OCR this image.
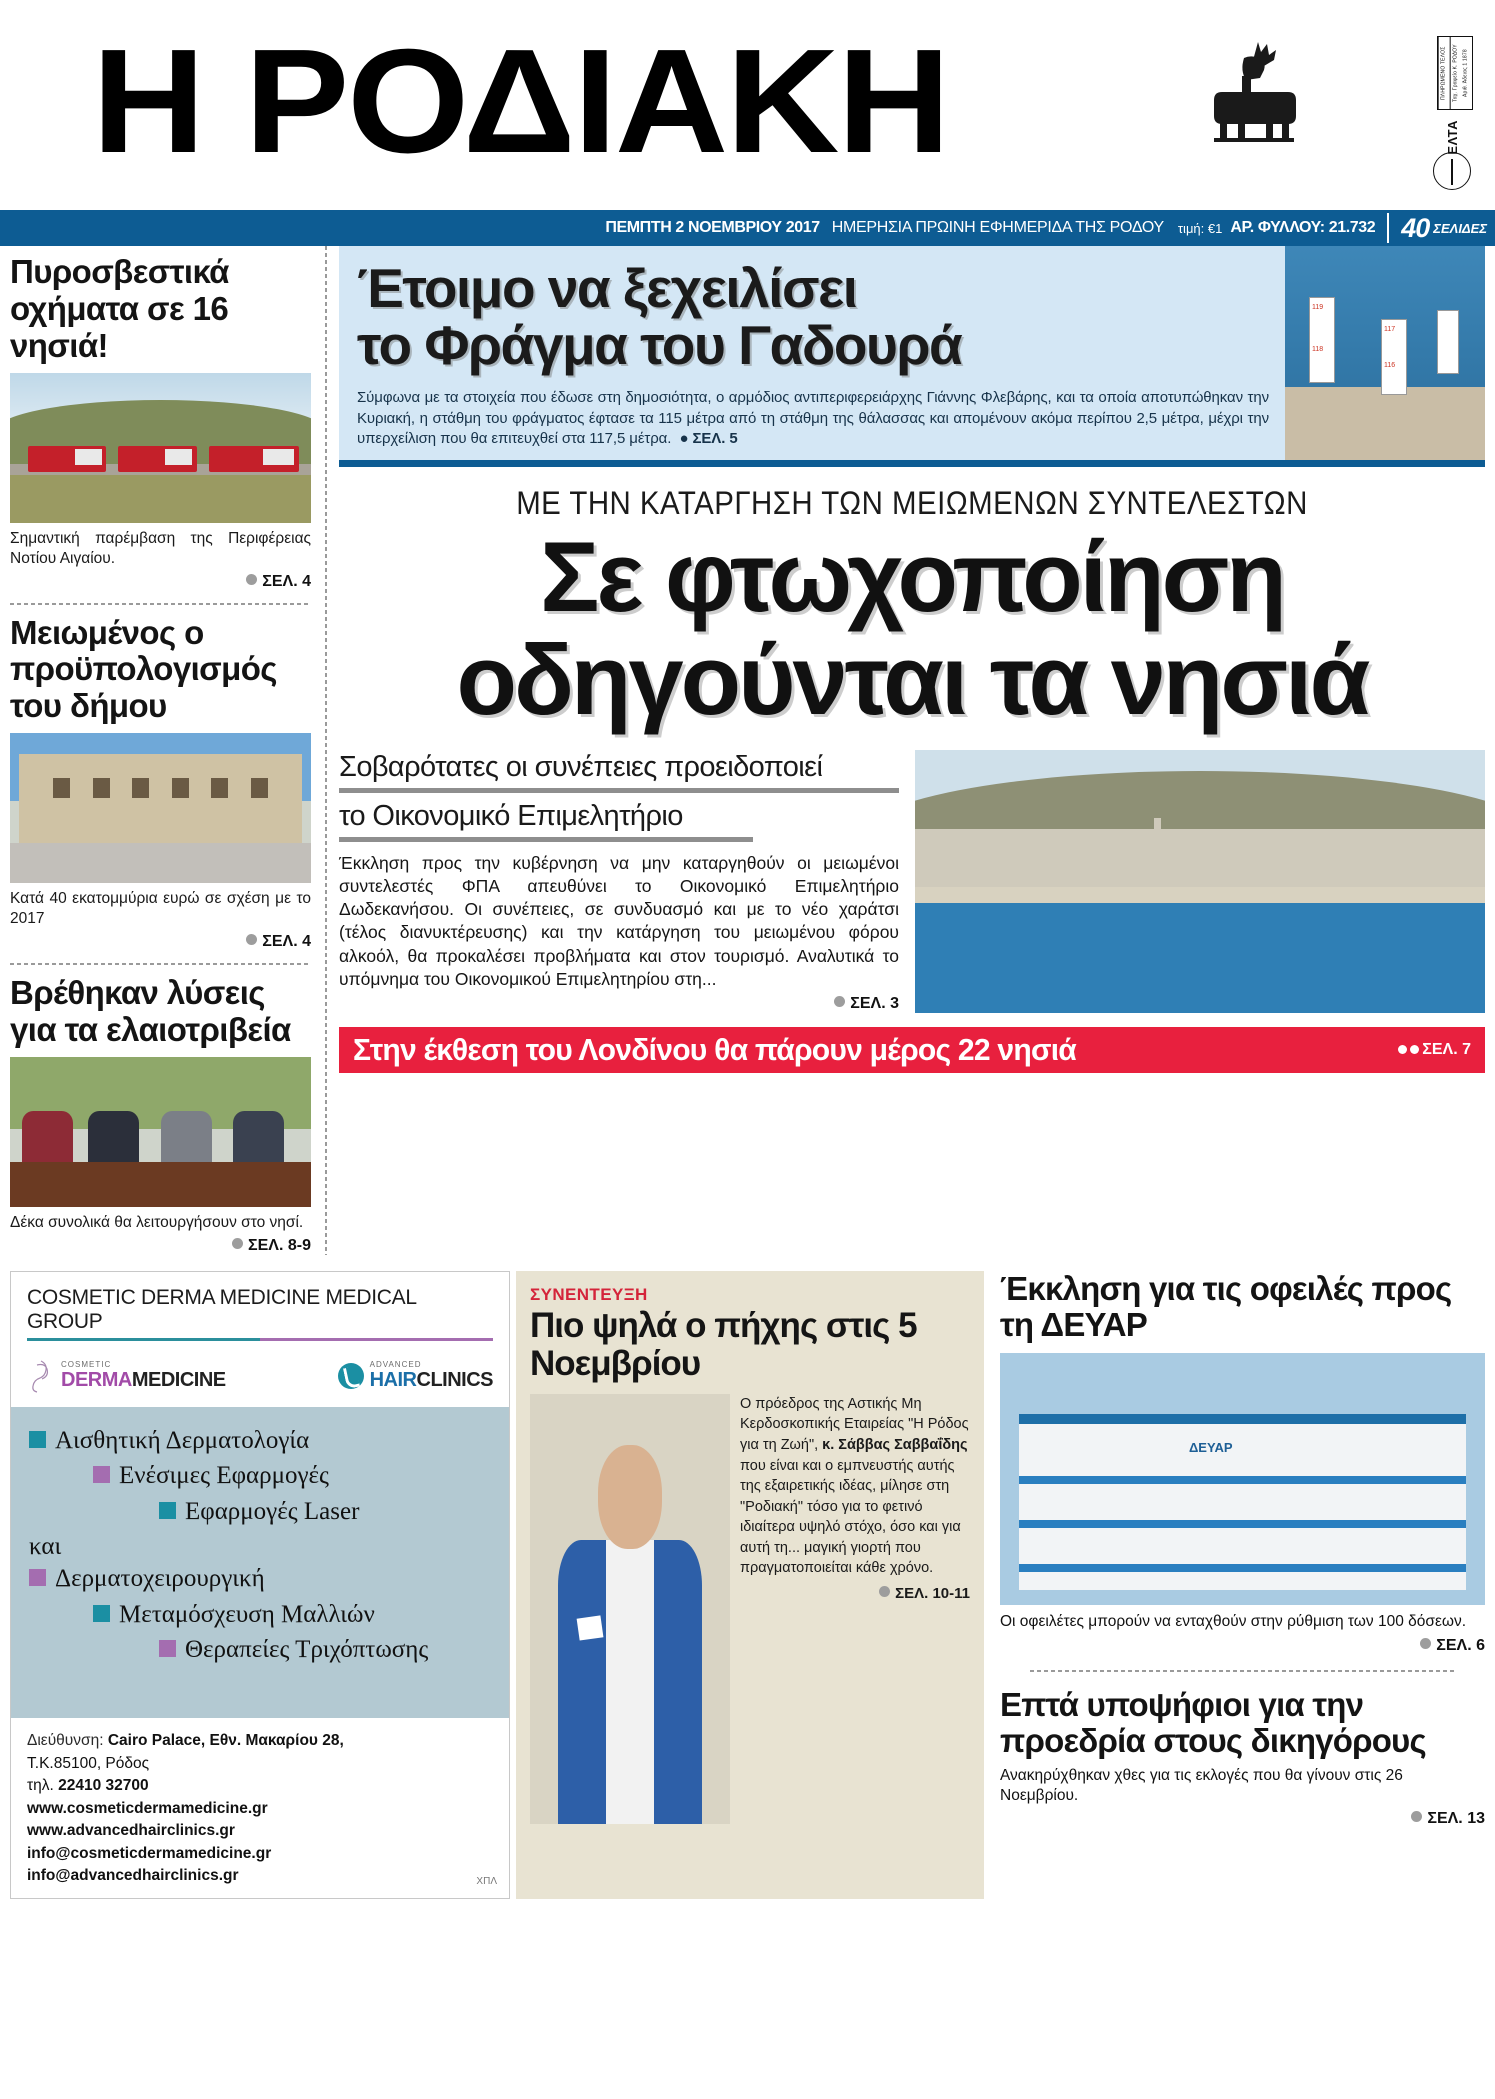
Η ΡΟΔΙΑΚΗ	ΠΛΗΡΩΜΕΝΟ ΤΕΛΟΣ	Ταχ. Γραφείο Κ. ΡΟΔΟΥ Αριθ. Άδειας 1 1878
ΕΛΤΑ
ΠΕΜΠΤΗ 2 ΝΟΕΜΒΡΙΟΥ 2017 ΗΜΕΡΗΣΙΑ ΠΡΩΙΝΗ ΕΦΗΜΕΡΙΔΑ ΤΗΣ ΡΟΔΟΥ τιμή: €1 ΑΡ. ΦΥΛΛΟΥ: 21.732 40 ΣΕΛΙΔΕΣ
Πυροσβεστικά οχήματα σε 16 νησιά!
Σημαντική παρέμβαση της Περιφέρειας Νοτίου Αιγαίου.
ΣΕΛ. 4
Μειωμένος ο προϋπολογισμός του δήμου
Κατά 40 εκατομμύρια ευρώ σε σχέση με το 2017
ΣΕΛ. 4
Βρέθηκαν λύσεις για τα ελαιοτριβεία
Δέκα συνολικά θα λειτουργήσουν στο νησί.
ΣΕΛ. 8-9
Έτοιμο να ξεχειλίσει
το Φράγμα του Γαδουρά

Σύμφωνα με τα στοιχεία που έδωσε στη δημοσιότητα, ο αρμόδιος αντιπεριφερειάρχης Γιάννης Φλεβάρης, και τα οποία αποτυπώθηκαν την Κυριακή, η στάθμη του φράγματος έφτασε τα 115 μέτρα από τη στάθμη της θάλασσας και απομένουν ακόμα περίπου 2,5 μέτρα, μέχρι την υπερχείλιση που θα επιτευχθεί στα 117,5 μέτρα.  ● ΣΕΛ. 5

119
118
117
116
ΜΕ ΤΗΝ ΚΑΤΑΡΓΗΣΗ ΤΩΝ ΜΕΙΩΜΕΝΩΝ ΣΥΝΤΕΛΕΣΤΩΝ
Σε φτωχοποίηση
οδηγούνται τα νησιά
Σοβαρότατες οι συνέπειες προειδοποιεί
το Οικονομικό Επιμελητήριο

Έκκληση προς την κυβέρνηση να μην καταργηθούν οι μειωμένοι συντελεστές ΦΠΑ απευθύνει το Οικονομικό Επιμελητήριο Δωδεκανήσου. Οι συνέπειες, σε συνδυασμό και με το νέο χαράτσι (τέλος διανυκτέρευσης) και την κατάργηση του μειωμένου φόρου αλκοόλ, θα προκαλέσει προβλήματα και στον τουρισμό. Αναλυτικά το υπόμνημα του Οικονομικού Επιμελητηρίου στη...

ΣΕΛ. 3
Στην έκθεση του Λονδίνου θα πάρουν μέρος 22 νησιά	ΣΕΛ. 7
COSMETIC DERMA MEDICINE MEDICAL GROUP
COSMETIC
DERMAMEDICINE
ADVANCED
HAIRCLINICS
Αισθητική Δερματολογία
Ενέσιμες Εφαρμογές
Εφαρμογές Laser
και
Δερματοχειρουργική
Μεταμόσχευση Μαλλιών
Θεραπείες Τριχόπτωσης
Διεύθυνση: Cairo Palace, Εθν. Μακαρίου 28,
Τ.Κ.85100, Ρόδος
τηλ. 22410 32700
www.cosmeticdermamedicine.gr
www.advancedhairclinics.gr
info@cosmeticdermamedicine.gr
info@advancedhairclinics.gr	ΧΠΛ
ΣΥΝΕΝΤΕΥΞΗ
Πιο ψηλά ο πήχης στις 5 Νοεμβρίου
Ο πρόεδρος της Αστικής Μη Κερδοσκοπικής Εταιρείας "Η Ρόδος για τη Ζωή", κ. Σάββας Σαββαΐδης που είναι και ο εμπνευστής αυτής της εξαιρετικής ιδέας, μίλησε στη "Ροδιακή" τόσο για το φετινό ιδιαίτερα υψηλό στόχο, όσο και για αυτή τη... μαγική γιορτή που πραγματοποιείται κάθε χρόνο.
ΣΕΛ. 10-11
Έκκληση για τις οφειλές προς τη ΔΕΥΑΡ
ΔΕΥΑΡ
Οι οφειλέτες μπορούν να ενταχθούν στην ρύθμιση των 100 δόσεων.
ΣΕΛ. 6
Επτά υποψήφιοι για την προεδρία στους δικηγόρους
Ανακηρύχθηκαν χθες για τις εκλογές που θα γίνουν στις 26 Νοεμβρίου.
ΣΕΛ. 13
